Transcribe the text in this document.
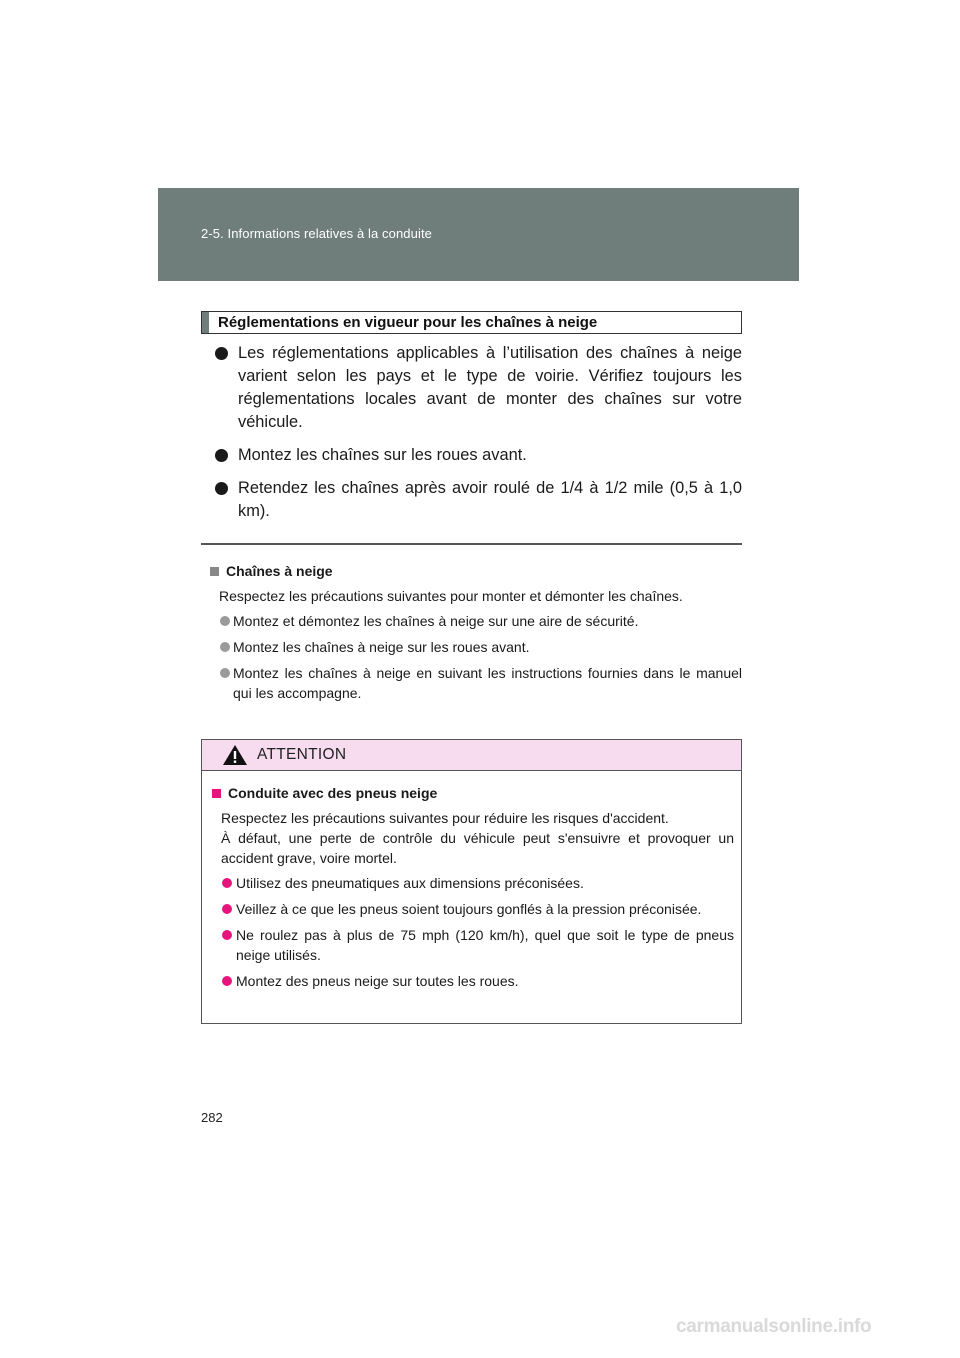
2-5. Informations relatives à la conduite
Réglementations en vigueur pour les chaînes à neige
Les réglementations applicables à l’utilisation des chaînes à neige varient selon les pays et le type de voirie. Vérifiez toujours les réglementations locales avant de monter des chaînes sur votre véhicule.
Montez les chaînes sur les roues avant.
Retendez les chaînes après avoir roulé de 1/4 à 1/2 mile (0,5 à 1,0 km).
Chaînes à neige
Respectez les précautions suivantes pour monter et démonter les chaînes.
Montez et démontez les chaînes à neige sur une aire de sécurité.
Montez les chaînes à neige sur les roues avant.
Montez les chaînes à neige en suivant les instructions fournies dans le manuel qui les accompagne.
ATTENTION
Conduite avec des pneus neige
Respectez les précautions suivantes pour réduire les risques d'accident.
À défaut, une perte de contrôle du véhicule peut s'ensuivre et provoquer un accident grave, voire mortel.
Utilisez des pneumatiques aux dimensions préconisées.
Veillez à ce que les pneus soient toujours gonflés à la pression préconisée.
Ne roulez pas à plus de 75 mph (120 km/h), quel que soit le type de pneus neige utilisés.
Montez des pneus neige sur toutes les roues.
282
carmanualsonline.info
